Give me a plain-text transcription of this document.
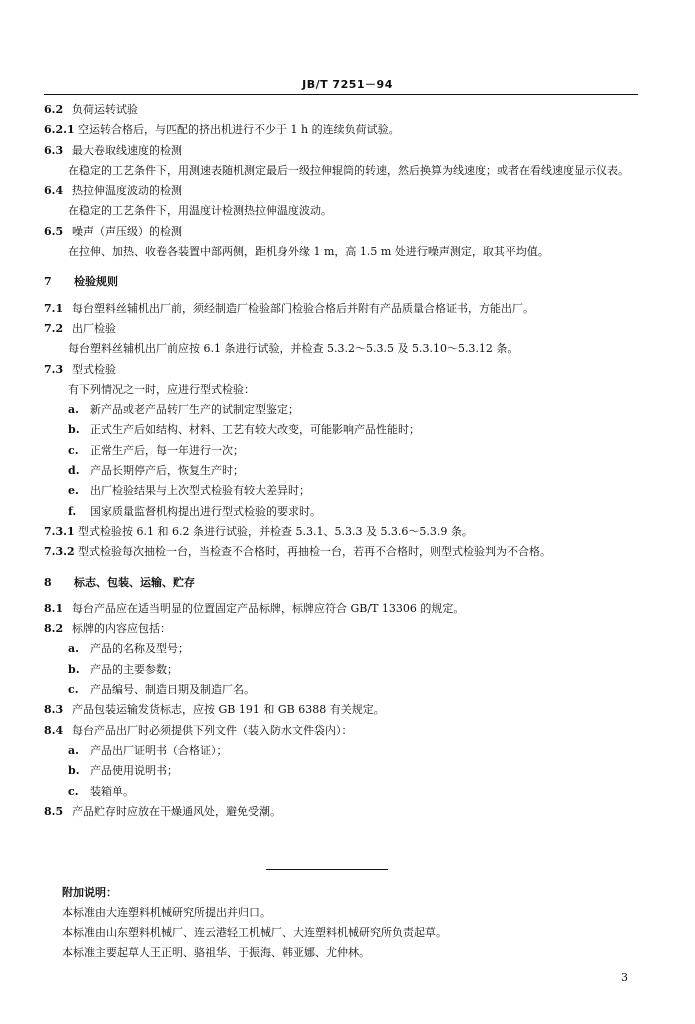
JB/T 7251－94
6.2 负荷运转试验
6.2.1 空运转合格后，与匹配的挤出机进行不少于 1 h 的连续负荷试验。
6.3 最大卷取线速度的检测
在稳定的工艺条件下，用测速表随机测定最后一级拉伸辊筒的转速，然后换算为线速度；或者在看线速度显示仪表。
6.4 热拉伸温度波动的检测
在稳定的工艺条件下，用温度计检测热拉伸温度波动。
6.5 噪声（声压级）的检测
在拉伸、加热、收卷各装置中部两侧，距机身外缘 1 m，高 1.5 m 处进行噪声测定，取其平均值。
7 检验规则
7.1 每台塑料丝辅机出厂前，须经制造厂检验部门检验合格后并附有产品质量合格证书，方能出厂。
7.2 出厂检验
每台塑料丝辅机出厂前应按 6.1 条进行试验，并检查 5.3.2～5.3.5 及 5.3.10～5.3.12 条。
7.3 型式检验
有下列情况之一时，应进行型式检验：
a. 新产品或老产品转厂生产的试制定型鉴定；
b. 正式生产后如结构、材料、工艺有较大改变，可能影响产品性能时；
c. 正常生产后，每一年进行一次；
d. 产品长期停产后，恢复生产时；
e. 出厂检验结果与上次型式检验有较大差异时；
f. 国家质量监督机构提出进行型式检验的要求时。
7.3.1 型式检验按 6.1 和 6.2 条进行试验，并检查 5.3.1、5.3.3 及 5.3.6～5.3.9 条。
7.3.2 型式检验每次抽检一台，当检查不合格时，再抽检一台，若再不合格时，则型式检验判为不合格。
8 标志、包装、运输、贮存
8.1 每台产品应在适当明显的位置固定产品标牌，标牌应符合 GB/T 13306 的规定。
8.2 标牌的内容应包括：
a. 产品的名称及型号；
b. 产品的主要参数；
c. 产品编号、制造日期及制造厂名。
8.3 产品包装运输发货标志，应按 GB 191 和 GB 6388 有关规定。
8.4 每台产品出厂时必须提供下列文件（装入防水文件袋内）：
a. 产品出厂证明书（合格证）；
b. 产品使用说明书；
c. 装箱单。
8.5 产品贮存时应放在干燥通风处，避免受潮。
附加说明：
本标准由大连塑料机械研究所提出并归口。
本标准由山东塑料机械厂、连云港轻工机械厂、大连塑料机械研究所负责起草。
本标准主要起草人王正明、骆祖华、于振海、韩亚娜、尤仲林。
3
